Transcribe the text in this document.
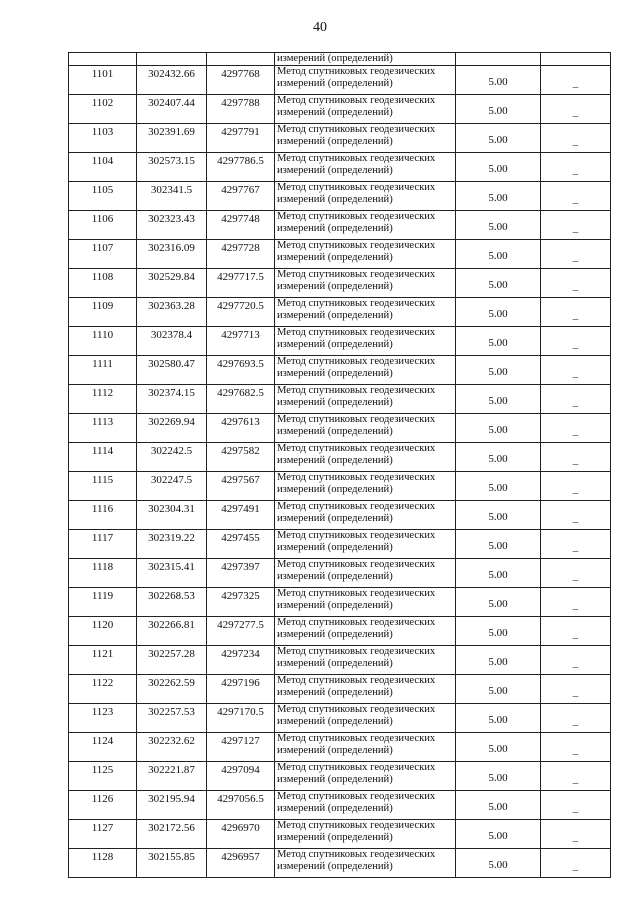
40

			измерений (определений)		

1101	302432.66	4297768	Метод спутниковых геодезических
измерений (определений)	5.00	–
1102	302407.44	4297788	Метод спутниковых геодезических
измерений (определений)	5.00	–
1103	302391.69	4297791	Метод спутниковых геодезических
измерений (определений)	5.00	–
1104	302573.15	4297786.5	Метод спутниковых геодезических
измерений (определений)	5.00	–
1105	302341.5	4297767	Метод спутниковых геодезических
измерений (определений)	5.00	–
1106	302323.43	4297748	Метод спутниковых геодезических
измерений (определений)	5.00	–
1107	302316.09	4297728	Метод спутниковых геодезических
измерений (определений)	5.00	–
1108	302529.84	4297717.5	Метод спутниковых геодезических
измерений (определений)	5.00	–
1109	302363.28	4297720.5	Метод спутниковых геодезических
измерений (определений)	5.00	–
1110	302378.4	4297713	Метод спутниковых геодезических
измерений (определений)	5.00	–
1111	302580.47	4297693.5	Метод спутниковых геодезических
измерений (определений)	5.00	–
1112	302374.15	4297682.5	Метод спутниковых геодезических
измерений (определений)	5.00	–
1113	302269.94	4297613	Метод спутниковых геодезических
измерений (определений)	5.00	–
1114	302242.5	4297582	Метод спутниковых геодезических
измерений (определений)	5.00	–
1115	302247.5	4297567	Метод спутниковых геодезических
измерений (определений)	5.00	–
1116	302304.31	4297491	Метод спутниковых геодезических
измерений (определений)	5.00	–
1117	302319.22	4297455	Метод спутниковых геодезических
измерений (определений)	5.00	–
1118	302315.41	4297397	Метод спутниковых геодезических
измерений (определений)	5.00	–
1119	302268.53	4297325	Метод спутниковых геодезических
измерений (определений)	5.00	–
1120	302266.81	4297277.5	Метод спутниковых геодезических
измерений (определений)	5.00	–
1121	302257.28	4297234	Метод спутниковых геодезических
измерений (определений)	5.00	–
1122	302262.59	4297196	Метод спутниковых геодезических
измерений (определений)	5.00	–
1123	302257.53	4297170.5	Метод спутниковых геодезических
измерений (определений)	5.00	–
1124	302232.62	4297127	Метод спутниковых геодезических
измерений (определений)	5.00	–
1125	302221.87	4297094	Метод спутниковых геодезических
измерений (определений)	5.00	–
1126	302195.94	4297056.5	Метод спутниковых геодезических
измерений (определений)	5.00	–
1127	302172.56	4296970	Метод спутниковых геодезических
измерений (определений)	5.00	–
1128	302155.85	4296957	Метод спутниковых геодезических
измерений (определений)	5.00	–
